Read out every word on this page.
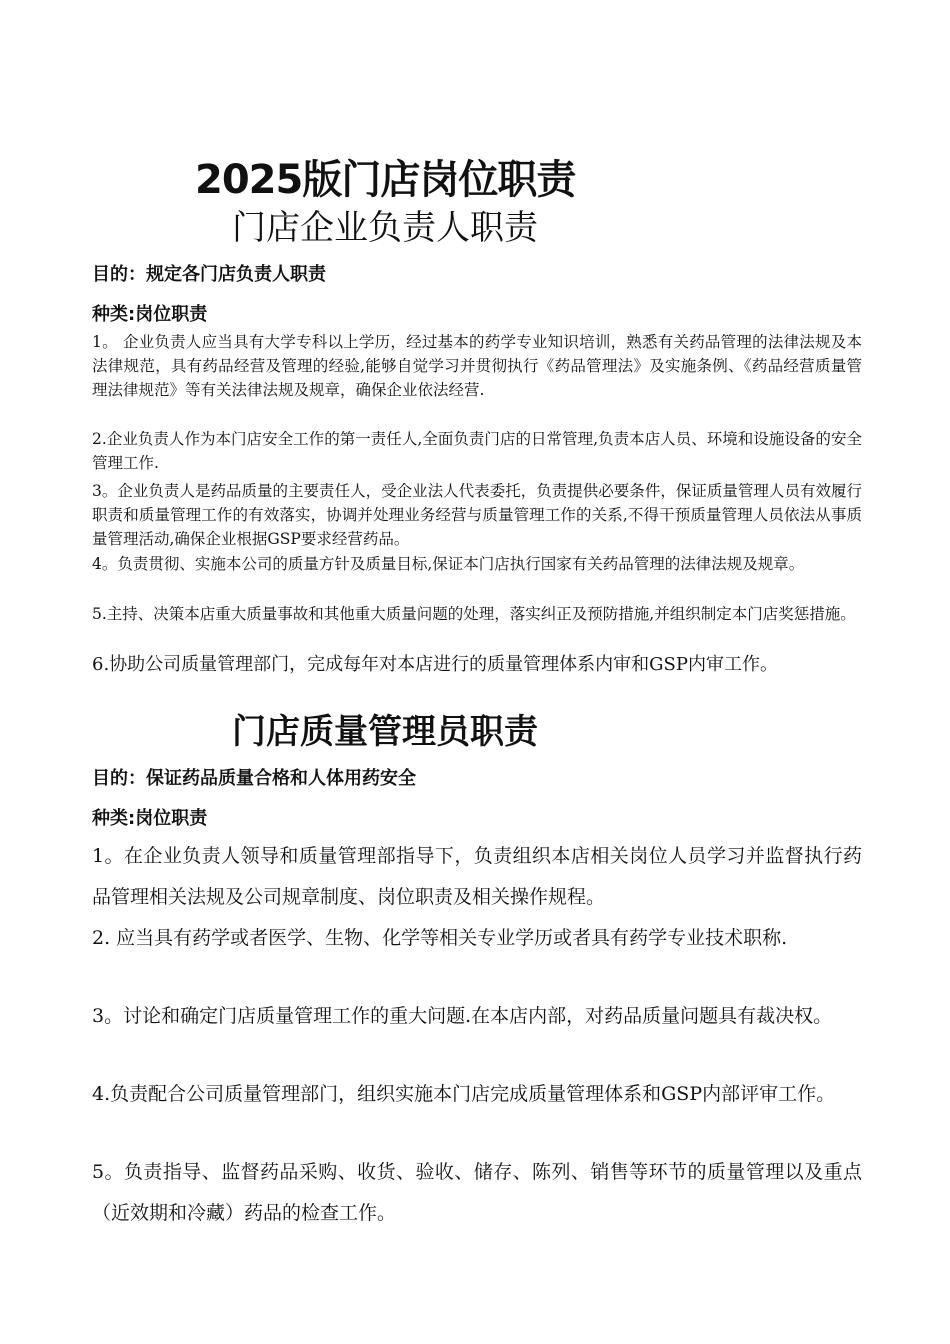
2025版门店岗位职责
门店企业负责人职责
目的：规定各门店负责人职责
种类:岗位职责
1。 企业负责人应当具有大学专科以上学历，经过基本的药学专业知识培训，熟悉有关药品管理的法律法规及本法律规范，具有药品经营及管理的经验,能够自觉学习并贯彻执行《药品管理法》及实施条例、《药品经营质量管理法律规范》等有关法律法规及规章，确保企业依法经营.
2.企业负责人作为本门店安全工作的第一责任人,全面负责门店的日常管理,负责本店人员、环境和设施设备的安全管理工作.
3。企业负责人是药品质量的主要责任人，受企业法人代表委托，负责提供必要条件，保证质量管理人员有效履行职责和质量管理工作的有效落实，协调并处理业务经营与质量管理工作的关系,不得干预质量管理人员依法从事质量管理活动,确保企业根据GSP要求经营药品。
4。负责贯彻、实施本公司的质量方针及质量目标,保证本门店执行国家有关药品管理的法律法规及规章。
5.主持、决策本店重大质量事故和其他重大质量问题的处理，落实纠正及预防措施,并组织制定本门店奖惩措施。
6.协助公司质量管理部门，完成每年对本店进行的质量管理体系内审和GSP内审工作。
门店质量管理员职责
目的：保证药品质量合格和人体用药安全
种类:岗位职责
1。在企业负责人领导和质量管理部指导下，负责组织本店相关岗位人员学习并监督执行药品管理相关法规及公司规章制度、岗位职责及相关操作规程。
2. 应当具有药学或者医学、生物、化学等相关专业学历或者具有药学专业技术职称.
3。讨论和确定门店质量管理工作的重大问题.在本店内部，对药品质量问题具有裁决权。
4.负责配合公司质量管理部门，组织实施本门店完成质量管理体系和GSP内部评审工作。
5。负责指导、监督药品采购、收货、验收、储存、陈列、销售等环节的质量管理以及重点（近效期和冷藏）药品的检查工作。
